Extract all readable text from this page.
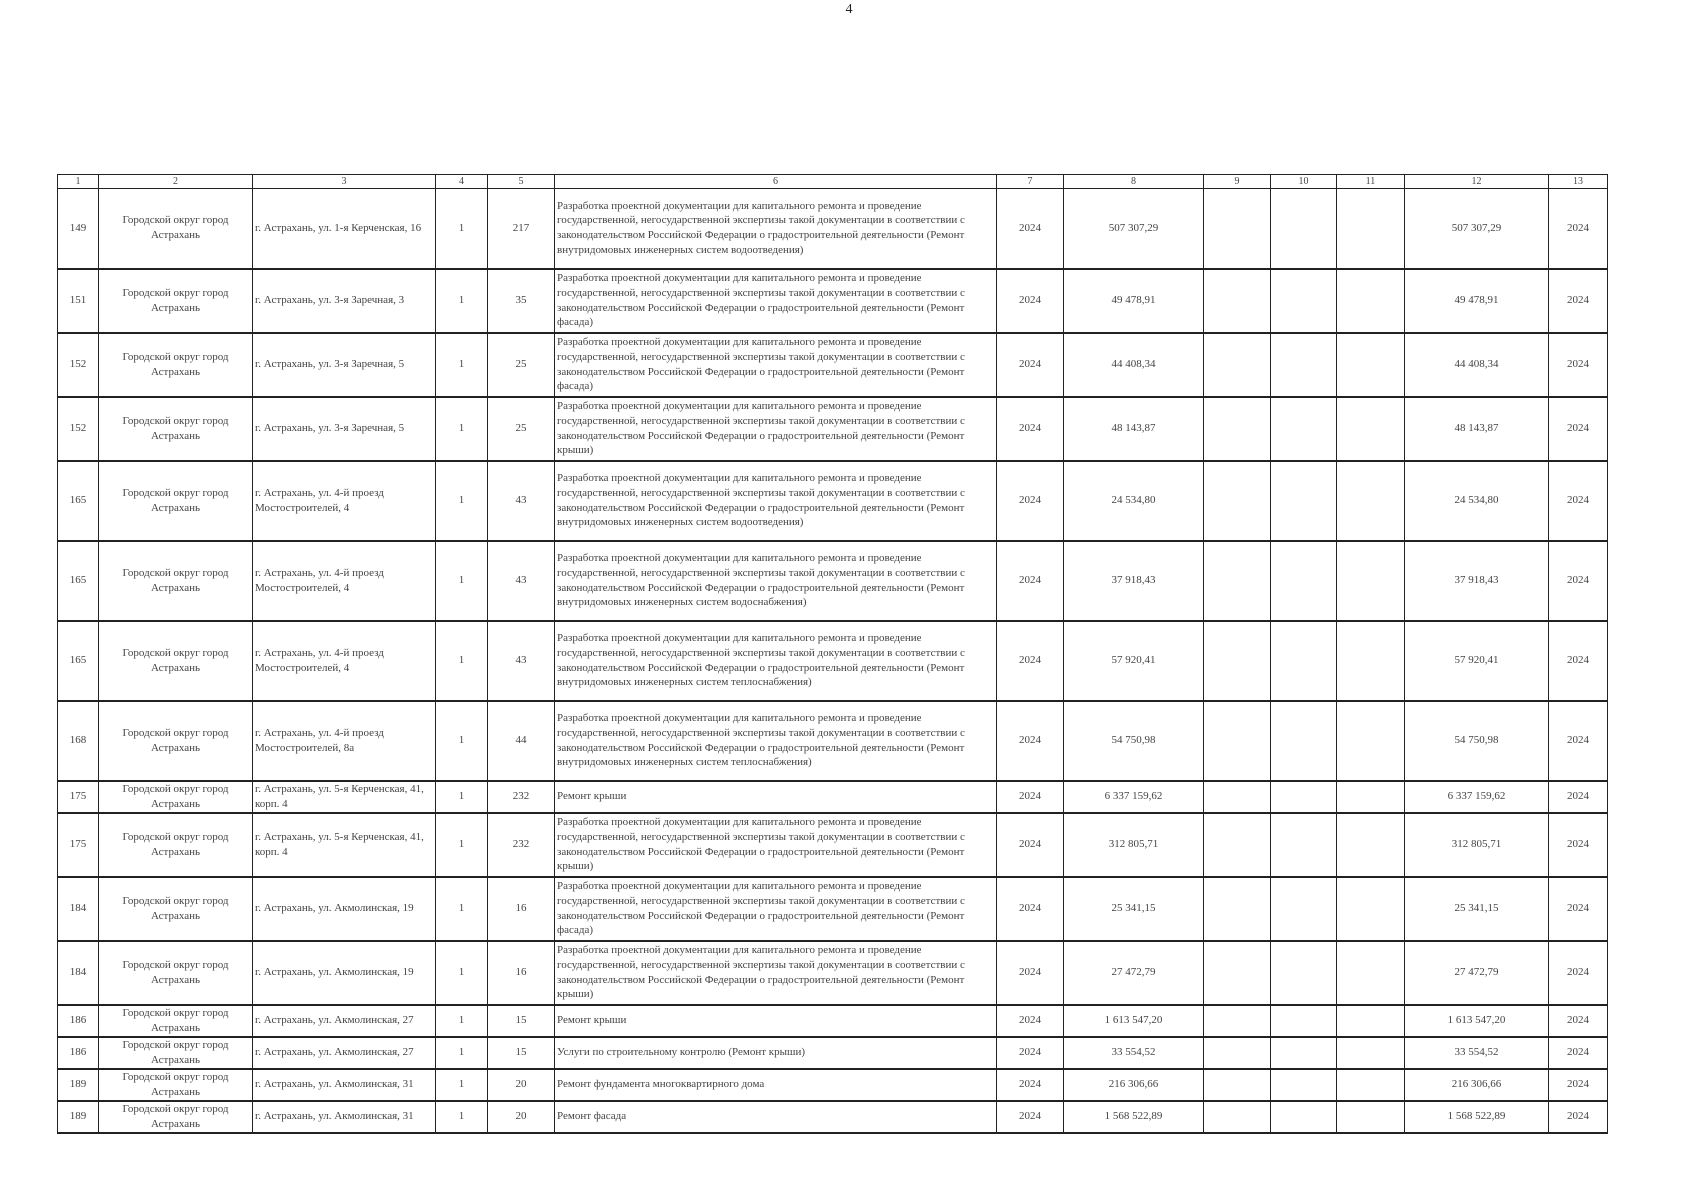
4
1	2	3	4	5	6	7	8	9	10	11	12	13
149	Городской округ город Астрахань	г. Астрахань, ул. 1-я Керченская, 16	1	217	Разработка проектной документации для капитального ремонта и проведение государственной, негосударственной экспертизы такой документации в соответствии с законодательством Российской Федерации о градостроительной деятельности (Ремонт внутридомовых инженерных систем водоотведения)	2024	507 307,29				507 307,29	2024
151	Городской округ город Астрахань	г. Астрахань, ул. 3-я Заречная, 3	1	35	Разработка проектной документации для капитального ремонта и проведение государственной, негосударственной экспертизы такой документации в соответствии с законодательством Российской Федерации о градостроительной деятельности (Ремонт фасада)	2024	49 478,91				49 478,91	2024
152	Городской округ город Астрахань	г. Астрахань, ул. 3-я Заречная, 5	1	25	Разработка проектной документации для капитального ремонта и проведение государственной, негосударственной экспертизы такой документации в соответствии с законодательством Российской Федерации о градостроительной деятельности (Ремонт фасада)	2024	44 408,34				44 408,34	2024
152	Городской округ город Астрахань	г. Астрахань, ул. 3-я Заречная, 5	1	25	Разработка проектной документации для капитального ремонта и проведение государственной, негосударственной экспертизы такой документации в соответствии с законодательством Российской Федерации о градостроительной деятельности (Ремонт крыши)	2024	48 143,87				48 143,87	2024
165	Городской округ город Астрахань	г. Астрахань, ул. 4-й проезд Мостостроителей, 4	1	43	Разработка проектной документации для капитального ремонта и проведение государственной, негосударственной экспертизы такой документации в соответствии с законодательством Российской Федерации о градостроительной деятельности (Ремонт внутридомовых инженерных систем водоотведения)	2024	24 534,80				24 534,80	2024
165	Городской округ город Астрахань	г. Астрахань, ул. 4-й проезд Мостостроителей, 4	1	43	Разработка проектной документации для капитального ремонта и проведение государственной, негосударственной экспертизы такой документации в соответствии с законодательством Российской Федерации о градостроительной деятельности (Ремонт внутридомовых инженерных систем водоснабжения)	2024	37 918,43				37 918,43	2024
165	Городской округ город Астрахань	г. Астрахань, ул. 4-й проезд Мостостроителей, 4	1	43	Разработка проектной документации для капитального ремонта и проведение государственной, негосударственной экспертизы такой документации в соответствии с законодательством Российской Федерации о градостроительной деятельности (Ремонт внутридомовых инженерных систем теплоснабжения)	2024	57 920,41				57 920,41	2024
168	Городской округ город Астрахань	г. Астрахань, ул. 4-й проезд Мостостроителей, 8а	1	44	Разработка проектной документации для капитального ремонта и проведение государственной, негосударственной экспертизы такой документации в соответствии с законодательством Российской Федерации о градостроительной деятельности (Ремонт внутридомовых инженерных систем теплоснабжения)	2024	54 750,98				54 750,98	2024
175	Городской округ город Астрахань	г. Астрахань, ул. 5-я Керченская, 41, корп. 4	1	232	Ремонт крыши	2024	6 337 159,62				6 337 159,62	2024
175	Городской округ город Астрахань	г. Астрахань, ул. 5-я Керченская, 41, корп. 4	1	232	Разработка проектной документации для капитального ремонта и проведение государственной, негосударственной экспертизы такой документации в соответствии с законодательством Российской Федерации о градостроительной деятельности (Ремонт крыши)	2024	312 805,71				312 805,71	2024
184	Городской округ город Астрахань	г. Астрахань, ул. Акмолинская, 19	1	16	Разработка проектной документации для капитального ремонта и проведение государственной, негосударственной экспертизы такой документации в соответствии с законодательством Российской Федерации о градостроительной деятельности (Ремонт фасада)	2024	25 341,15				25 341,15	2024
184	Городской округ город Астрахань	г. Астрахань, ул. Акмолинская, 19	1	16	Разработка проектной документации для капитального ремонта и проведение государственной, негосударственной экспертизы такой документации в соответствии с законодательством Российской Федерации о градостроительной деятельности (Ремонт крыши)	2024	27 472,79				27 472,79	2024
186	Городской округ город Астрахань	г. Астрахань, ул. Акмолинская, 27	1	15	Ремонт крыши	2024	1 613 547,20				1 613 547,20	2024
186	Городской округ город Астрахань	г. Астрахань, ул. Акмолинская, 27	1	15	Услуги по строительному контролю (Ремонт крыши)	2024	33 554,52				33 554,52	2024
189	Городской округ город Астрахань	г. Астрахань, ул. Акмолинская, 31	1	20	Ремонт фундамента многоквартирного дома	2024	216 306,66				216 306,66	2024
189	Городской округ город Астрахань	г. Астрахань, ул. Акмолинская, 31	1	20	Ремонт фасада	2024	1 568 522,89				1 568 522,89	2024
